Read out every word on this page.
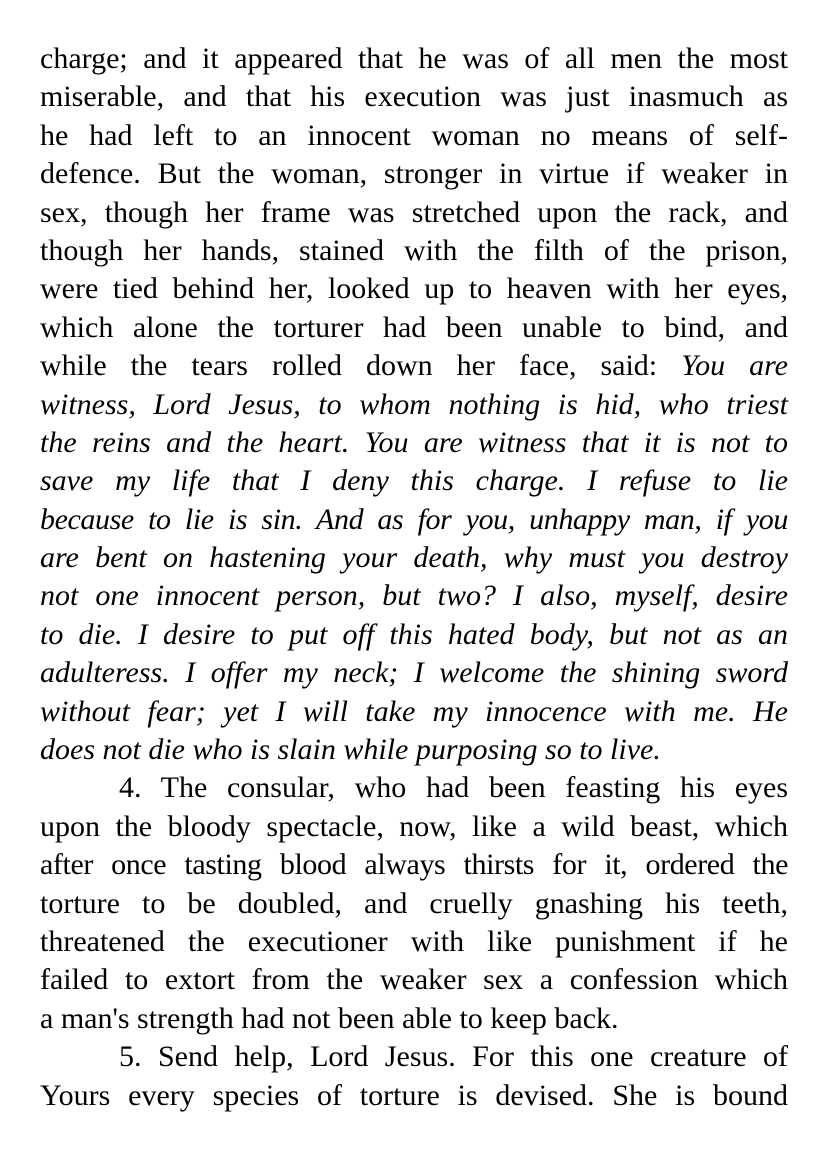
charge; and it appeared that he was of all men the most
miserable, and that his execution was just inasmuch as
he had left to an innocent woman no means of self-
defence. But the woman, stronger in virtue if weaker in
sex, though her frame was stretched upon the rack, and
though her hands, stained with the filth of the prison,
were tied behind her, looked up to heaven with her eyes,
which alone the torturer had been unable to bind, and
while the tears rolled down her face, said: You are
witness, Lord Jesus, to whom nothing is hid, who triest
the reins and the heart. You are witness that it is not to
save my life that I deny this charge. I refuse to lie
because to lie is sin. And as for you, unhappy man, if you
are bent on hastening your death, why must you destroy
not one innocent person, but two? I also, myself, desire
to die. I desire to put off this hated body, but not as an
adulteress. I offer my neck; I welcome the shining sword
without fear; yet I will take my innocence with me. He
does not die who is slain while purposing so to live.
4. The consular, who had been feasting his eyes
upon the bloody spectacle, now, like a wild beast, which
after once tasting blood always thirsts for it, ordered the
torture to be doubled, and cruelly gnashing his teeth,
threatened the executioner with like punishment if he
failed to extort from the weaker sex a confession which
a man's strength had not been able to keep back.
5. Send help, Lord Jesus. For this one creature of
Yours every species of torture is devised. She is bound
